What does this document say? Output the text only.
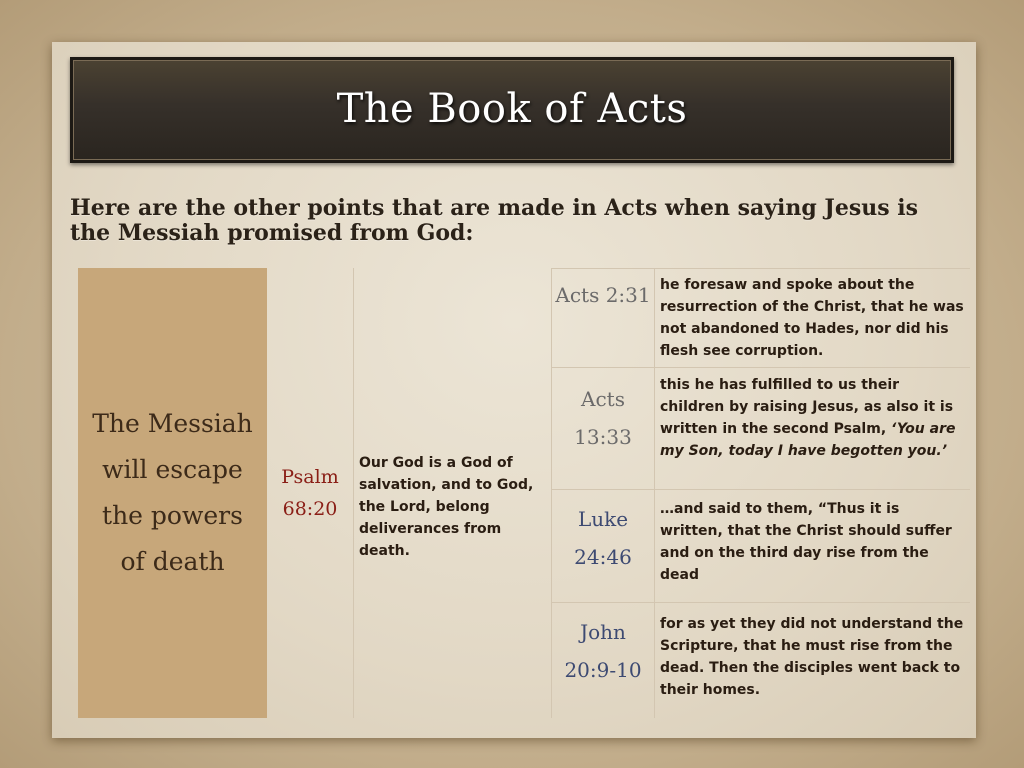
The Book of Acts
Here are the other points that are made in Acts when saying Jesus is the Messiah promised from God:
The Messiah will escape the powers of death
Psalm 68:20
Our God is a God of salvation, and to God, the Lord, belong deliverances from death.
Acts 2:31 he foresaw and spoke about the resurrection of the Christ, that he was not abandoned to Hades, nor did his flesh see corruption.
Acts 13:33
this he has fulfilled to us their children by raising Jesus, as also it is written in the second Psalm, ‘You are my Son, today I have begotten you.’
Luke 24:46
…and said to them, “Thus it is written, that the Christ should suffer and on the third day rise from the dead
John 20:9-10
for as yet they did not understand the Scripture, that he must rise from the dead. Then the disciples went back to their homes.
